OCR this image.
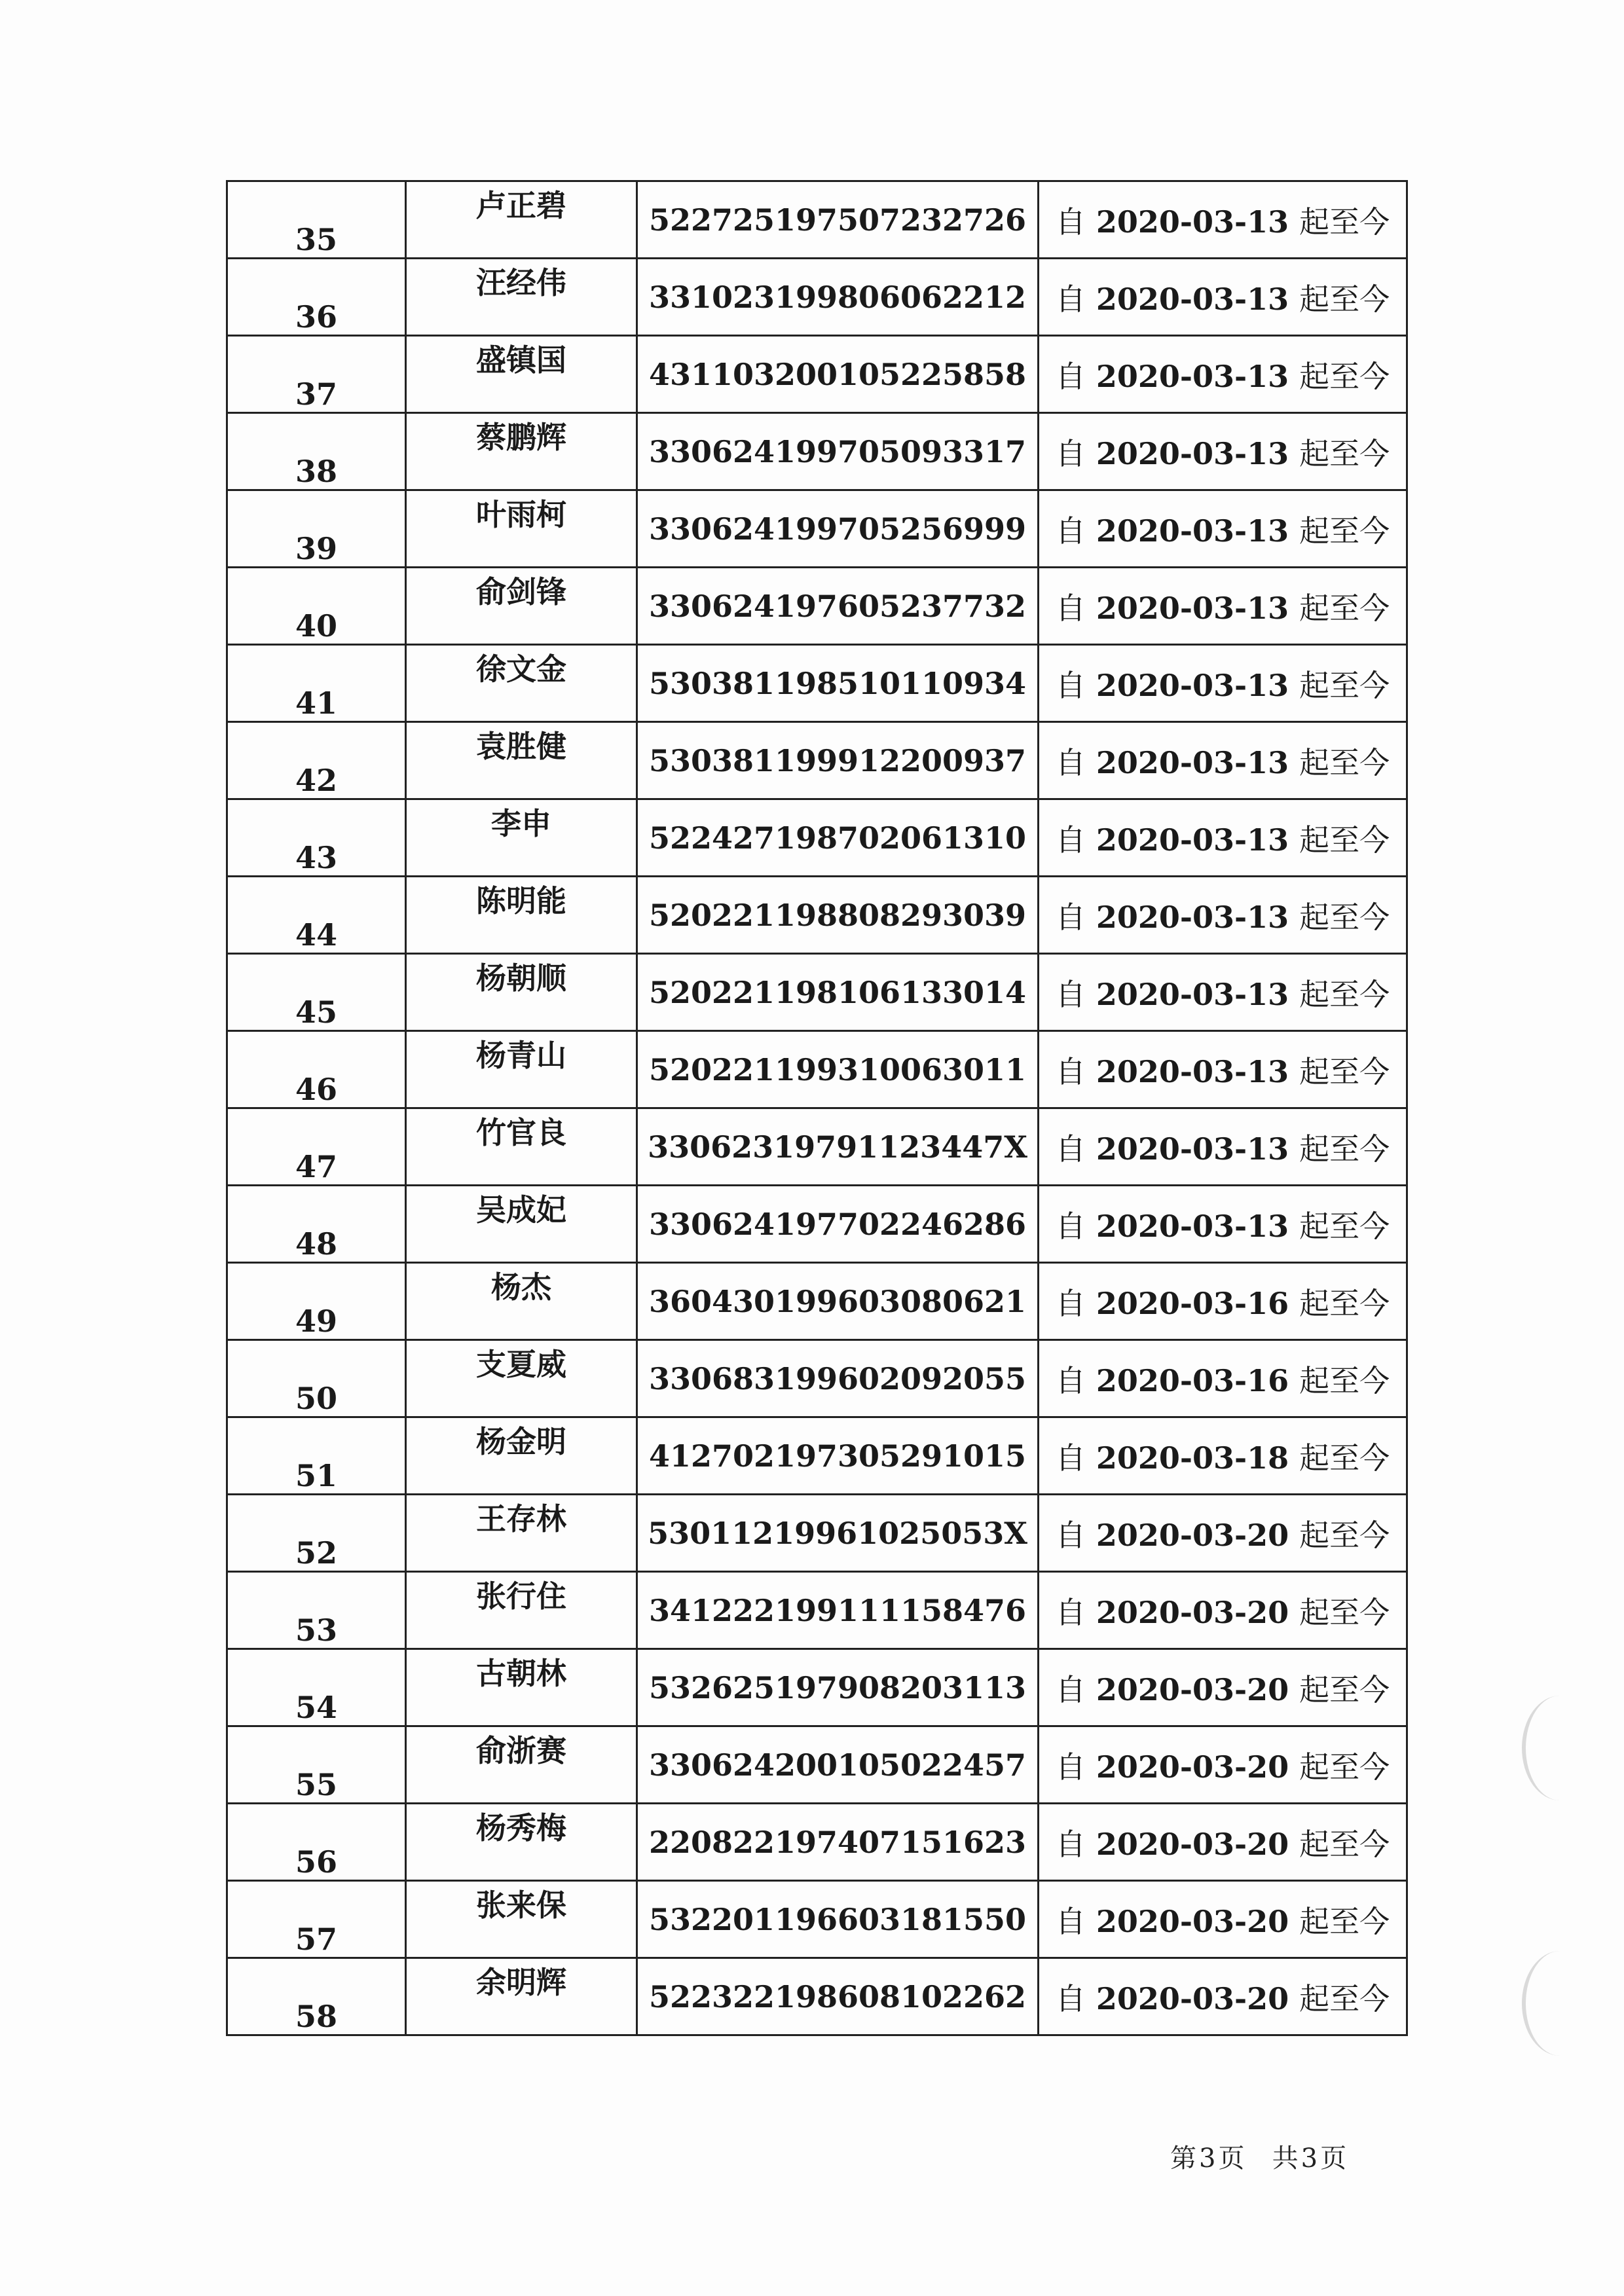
35	卢正碧	522725197507232726	自 2020-03-13 起至今
36	汪经伟	331023199806062212	自 2020-03-13 起至今
37	盛镇国	431103200105225858	自 2020-03-13 起至今
38	蔡鹏辉	330624199705093317	自 2020-03-13 起至今
39	叶雨柯	330624199705256999	自 2020-03-13 起至今
40	俞剑锋	330624197605237732	自 2020-03-13 起至今
41	徐文金	530381198510110934	自 2020-03-13 起至今
42	袁胜健	530381199912200937	自 2020-03-13 起至今
43	李申	522427198702061310	自 2020-03-13 起至今
44	陈明能	520221198808293039	自 2020-03-13 起至今
45	杨朝顺	520221198106133014	自 2020-03-13 起至今
46	杨青山	520221199310063011	自 2020-03-13 起至今
47	竹官良	33062319791123447X	自 2020-03-13 起至今
48	吴成妃	330624197702246286	自 2020-03-13 起至今
49	杨杰	360430199603080621	自 2020-03-16 起至今
50	支夏威	330683199602092055	自 2020-03-16 起至今
51	杨金明	412702197305291015	自 2020-03-18 起至今
52	王存林	53011219961025053X	自 2020-03-20 起至今
53	张行住	341222199111158476	自 2020-03-20 起至今
54	古朝林	532625197908203113	自 2020-03-20 起至今
55	俞浙赛	330624200105022457	自 2020-03-20 起至今
56	杨秀梅	220822197407151623	自 2020-03-20 起至今
57	张来保	532201196603181550	自 2020-03-20 起至今
58	余明辉	522322198608102262	自 2020-03-20 起至今
第 3 页 共 3 页
